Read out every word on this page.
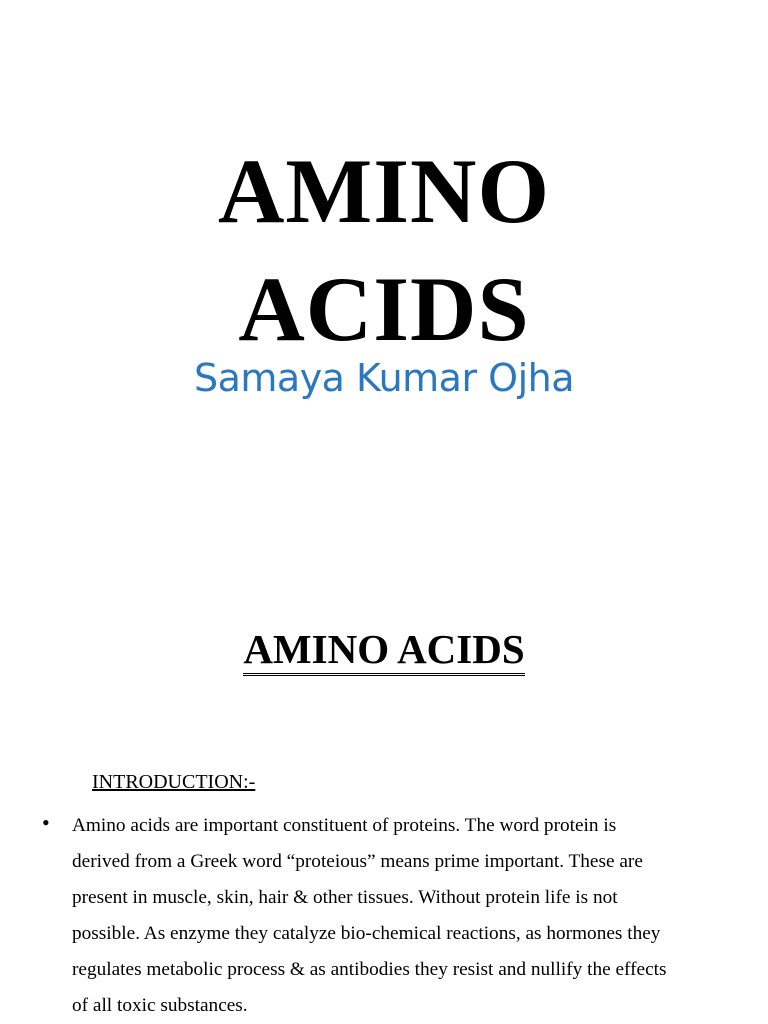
AMINO
ACIDS

Samaya Kumar Ojha

AMINO ACIDS

INTRODUCTION:-

• Amino acids are important constituent of proteins. The word protein is
derived from a Greek word “proteious” means prime important. These are
present in muscle, skin, hair & other tissues. Without protein life is not
possible. As enzyme they catalyze bio-chemical reactions, as hormones they
regulates metabolic process & as antibodies they resist and nullify the effects
of all toxic substances.
